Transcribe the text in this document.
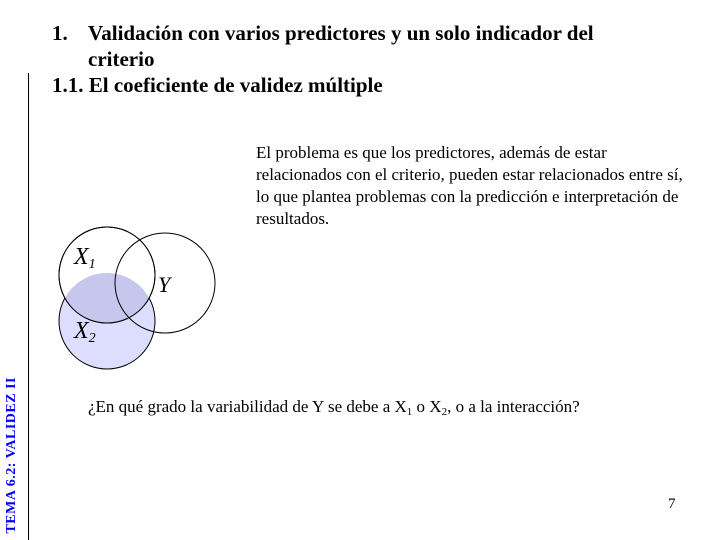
TEMA 6.2: VALIDEZ II
1. Validación con varios predictores y un solo indicador del
criterio
1.1. El coeficiente de validez múltiple
El problema es que los predictores, además de estar relacionados con el criterio, pueden estar relacionados entre sí, lo que plantea problemas con la predicción e interpretación de resultados.
$X_1$
Y
$X_2$
¿En qué grado la variabilidad de Y se debe a $X_1$ o $X_2$, o a la interacción?
7
